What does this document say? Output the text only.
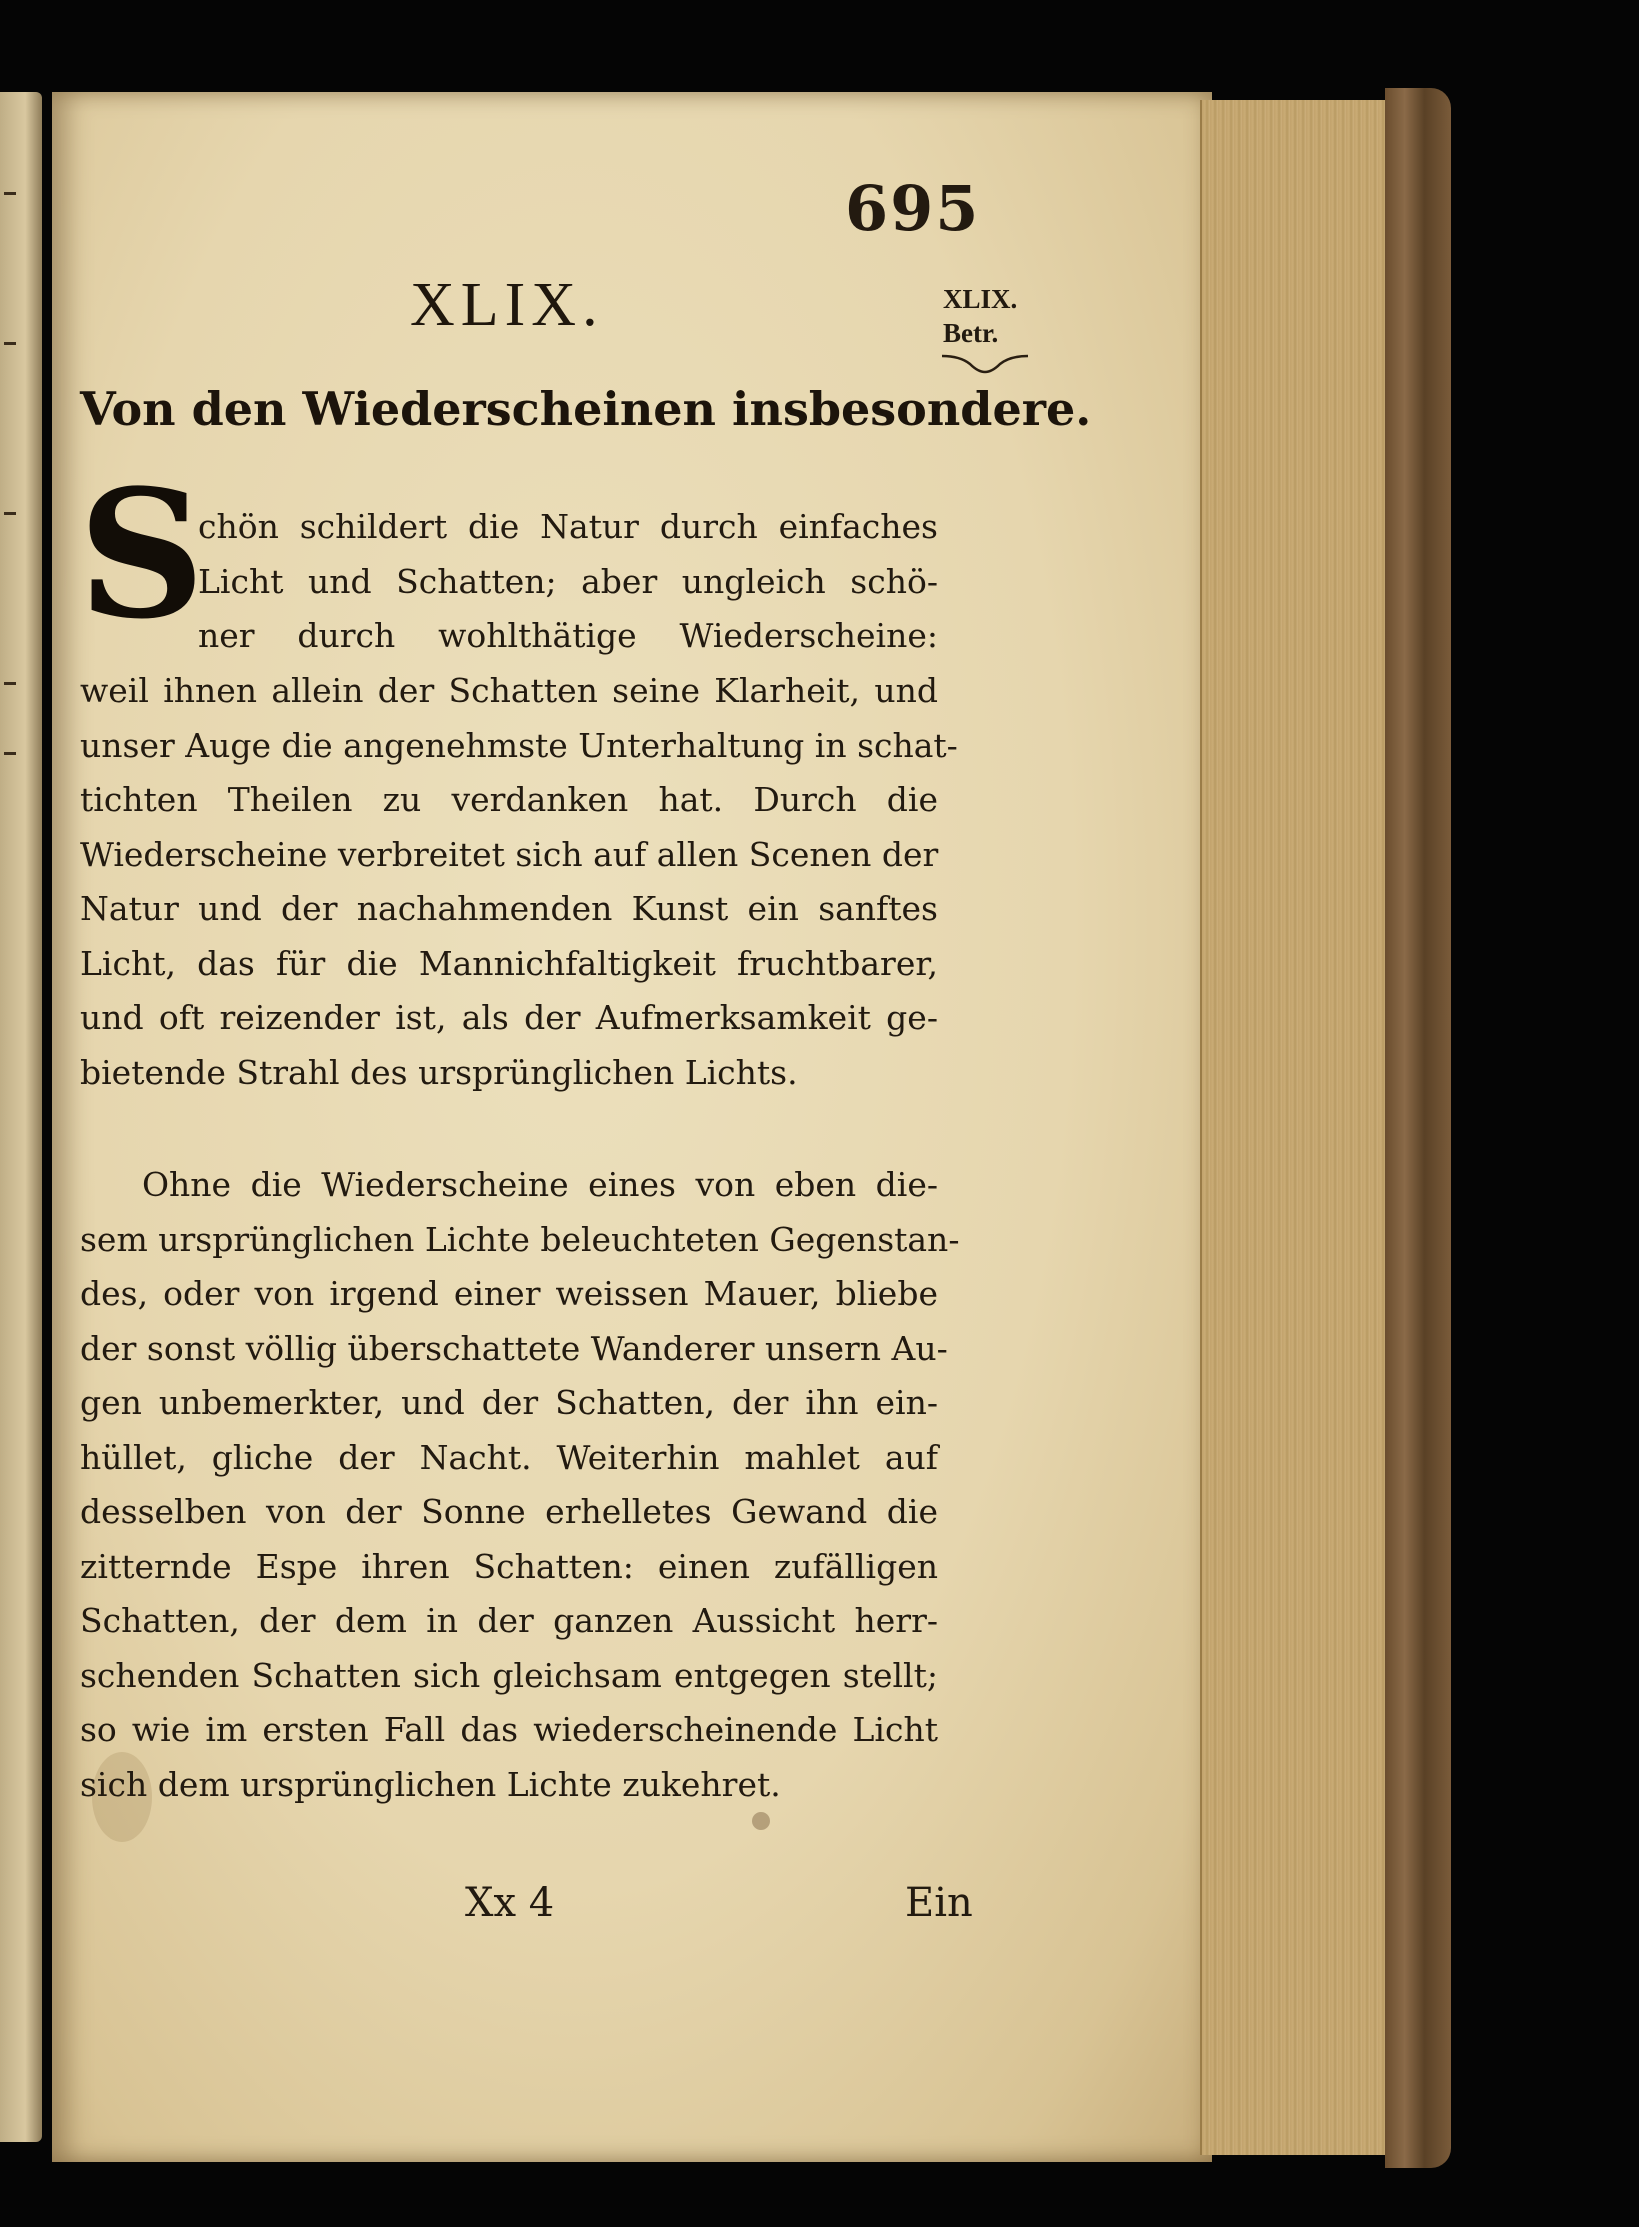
695
XLIX.	XLIX.
Betr.
Von den Wiederscheinen insbesondere.
S
chön schildert die Natur durch einfaches
Licht und Schatten; aber ungleich schö-
ner durch wohlthätige Wiederscheine:
weil ihnen allein der Schatten seine Klarheit, und
unser Auge die angenehmste Unterhaltung in schat-
tichten Theilen zu verdanken hat. Durch die
Wiederscheine verbreitet sich auf allen Scenen der
Natur und der nachahmenden Kunst ein sanftes
Licht, das für die Mannichfaltigkeit fruchtbarer,
und oft reizender ist, als der Aufmerksamkeit ge-
bietende Strahl des ursprünglichen Lichts.
Ohne die Wiederscheine eines von eben die-
sem ursprünglichen Lichte beleuchteten Gegenstan-
des, oder von irgend einer weissen Mauer, bliebe
der sonst völlig überschattete Wanderer unsern Au-
gen unbemerkter, und der Schatten, der ihn ein-
hüllet, gliche der Nacht. Weiterhin mahlet auf
desselben von der Sonne erhelletes Gewand die
zitternde Espe ihren Schatten: einen zufälligen
Schatten, der dem in der ganzen Aussicht herr-
schenden Schatten sich gleichsam entgegen stellt;
so wie im ersten Fall das wiederscheinende Licht
sich dem ursprünglichen Lichte zukehret.
Xx 4	Ein
